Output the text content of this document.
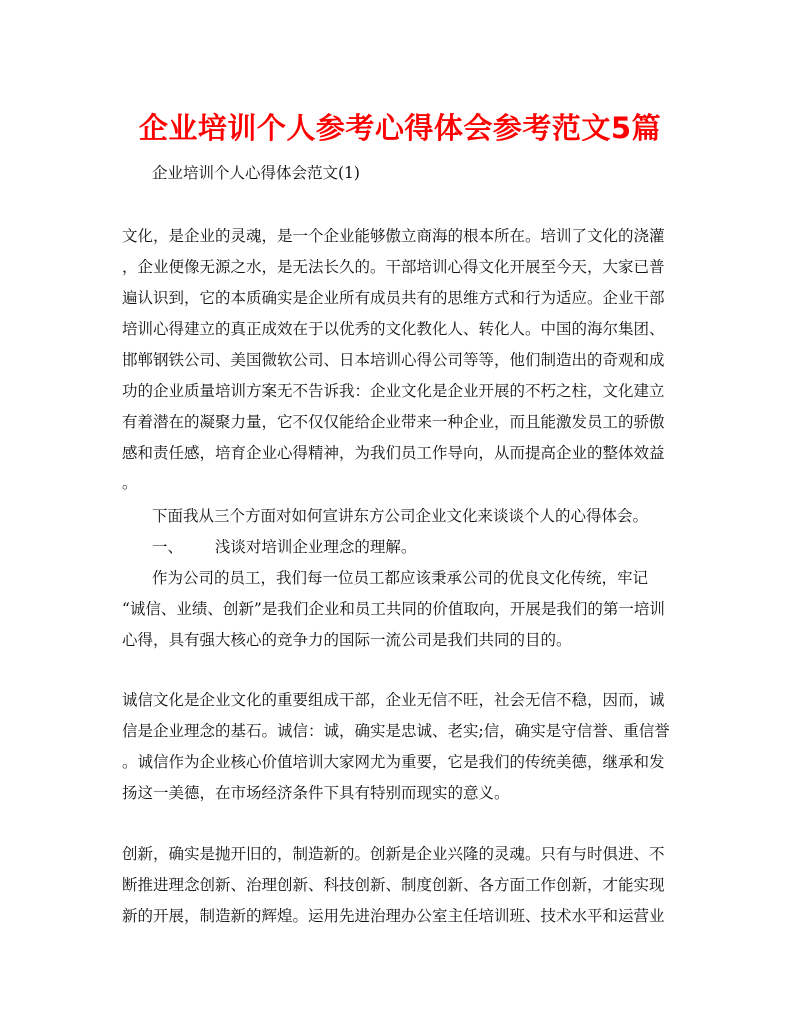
企业培训个人参考心得体会参考范文5篇
企业培训个人心得体会范文(1)
文化，是企业的灵魂，是一个企业能够傲立商海的根本所在。培训了文化的浇灌
，企业便像无源之水，是无法长久的。干部培训心得文化开展至今天，大家已普
遍认识到，它的本质确实是企业所有成员共有的思维方式和行为适应。企业干部
培训心得建立的真正成效在于以优秀的文化教化人、转化人。中国的海尔集团、
邯郸钢铁公司、美国微软公司、日本培训心得公司等等，他们制造出的奇观和成
功的企业质量培训方案无不告诉我：企业文化是企业开展的不朽之柱，文化建立
有着潜在的凝聚力量，它不仅仅能给企业带来一种企业，而且能激发员工的骄傲
感和责任感，培育企业心得精神，为我们员工作导向，从而提高企业的整体效益
。
下面我从三个方面对如何宣讲东方公司企业文化来谈谈个人的心得体会。
一、 浅谈对培训企业理念的理解。
作为公司的员工，我们每一位员工都应该秉承公司的优良文化传统，牢记
“诚信、业绩、创新”是我们企业和员工共同的价值取向，开展是我们的第一培训
心得，具有强大核心的竞争力的国际一流公司是我们共同的目的。
诚信文化是企业文化的重要组成干部，企业无信不旺，社会无信不稳，因而，诚
信是企业理念的基石。诚信：诚，确实是忠诚、老实;信，确实是守信誉、重信誉
。诚信作为企业核心价值培训大家网尤为重要，它是我们的传统美德，继承和发
扬这一美德，在市场经济条件下具有特别而现实的意义。
创新，确实是抛开旧的，制造新的。创新是企业兴隆的灵魂。只有与时俱进、不
断推进理念创新、治理创新、科技创新、制度创新、各方面工作创新，才能实现
新的开展，制造新的辉煌。运用先进治理办公室主任培训班、技术水平和运营业
